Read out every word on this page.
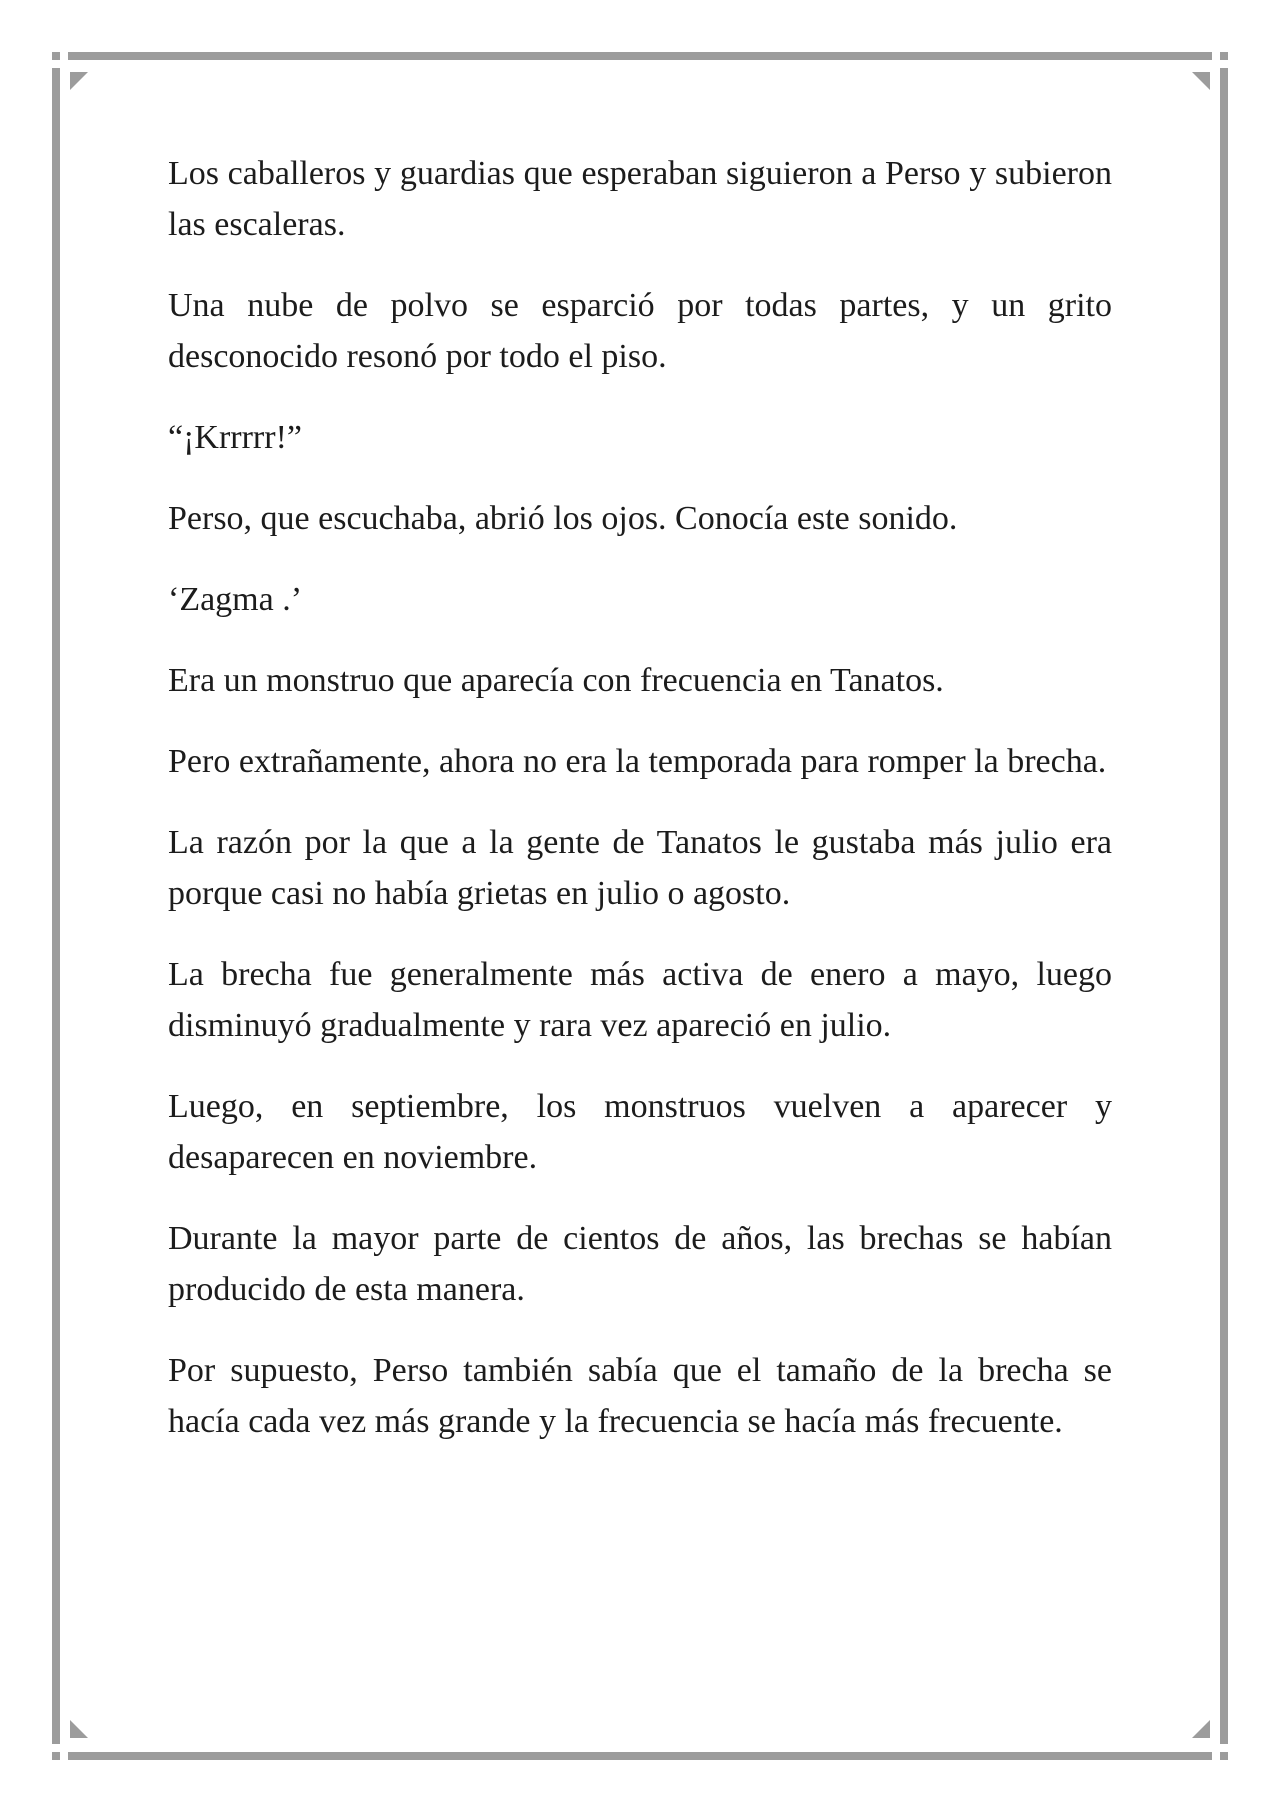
Los caballeros y guardias que esperaban siguieron a Perso y subieron las escaleras.

Una nube de polvo se esparció por todas partes, y un grito desconocido resonó por todo el piso.

“¡Krrrrr!”

Perso, que escuchaba, abrió los ojos. Conocía este sonido.

‘Zagma .’

Era un monstruo que aparecía con frecuencia en Tanatos.

Pero extrañamente, ahora no era la temporada para romper la brecha.

La razón por la que a la gente de Tanatos le gustaba más julio era porque casi no había grietas en julio o agosto.

La brecha fue generalmente más activa de enero a mayo, luego disminuyó gradualmente y rara vez apareció en julio.

Luego, en septiembre, los monstruos vuelven a aparecer y desaparecen en noviembre.

Durante la mayor parte de cientos de años, las brechas se habían producido de esta manera.

Por supuesto, Perso también sabía que el tamaño de la brecha se hacía cada vez más grande y la frecuencia se hacía más frecuente.
